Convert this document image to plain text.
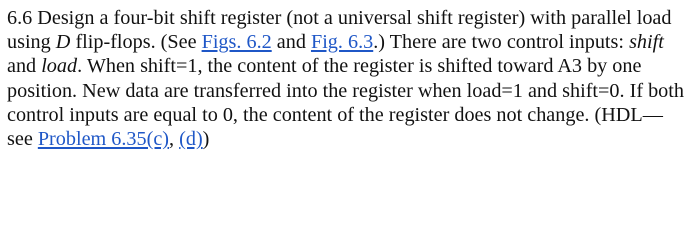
6.6 Design a four-bit shift register (not a universal shift register) with parallel load using D flip-flops. (See Figs. 6.2 and Fig. 6.3.) There are two control inputs: shift and load. When shift=1, the content of the register is shifted toward A3 by one position. New data are transferred into the register when load=1 and shift=0. If both control inputs are equal to 0, the content of the register does not change. (HDL—see Problem 6.35(c), (d))
